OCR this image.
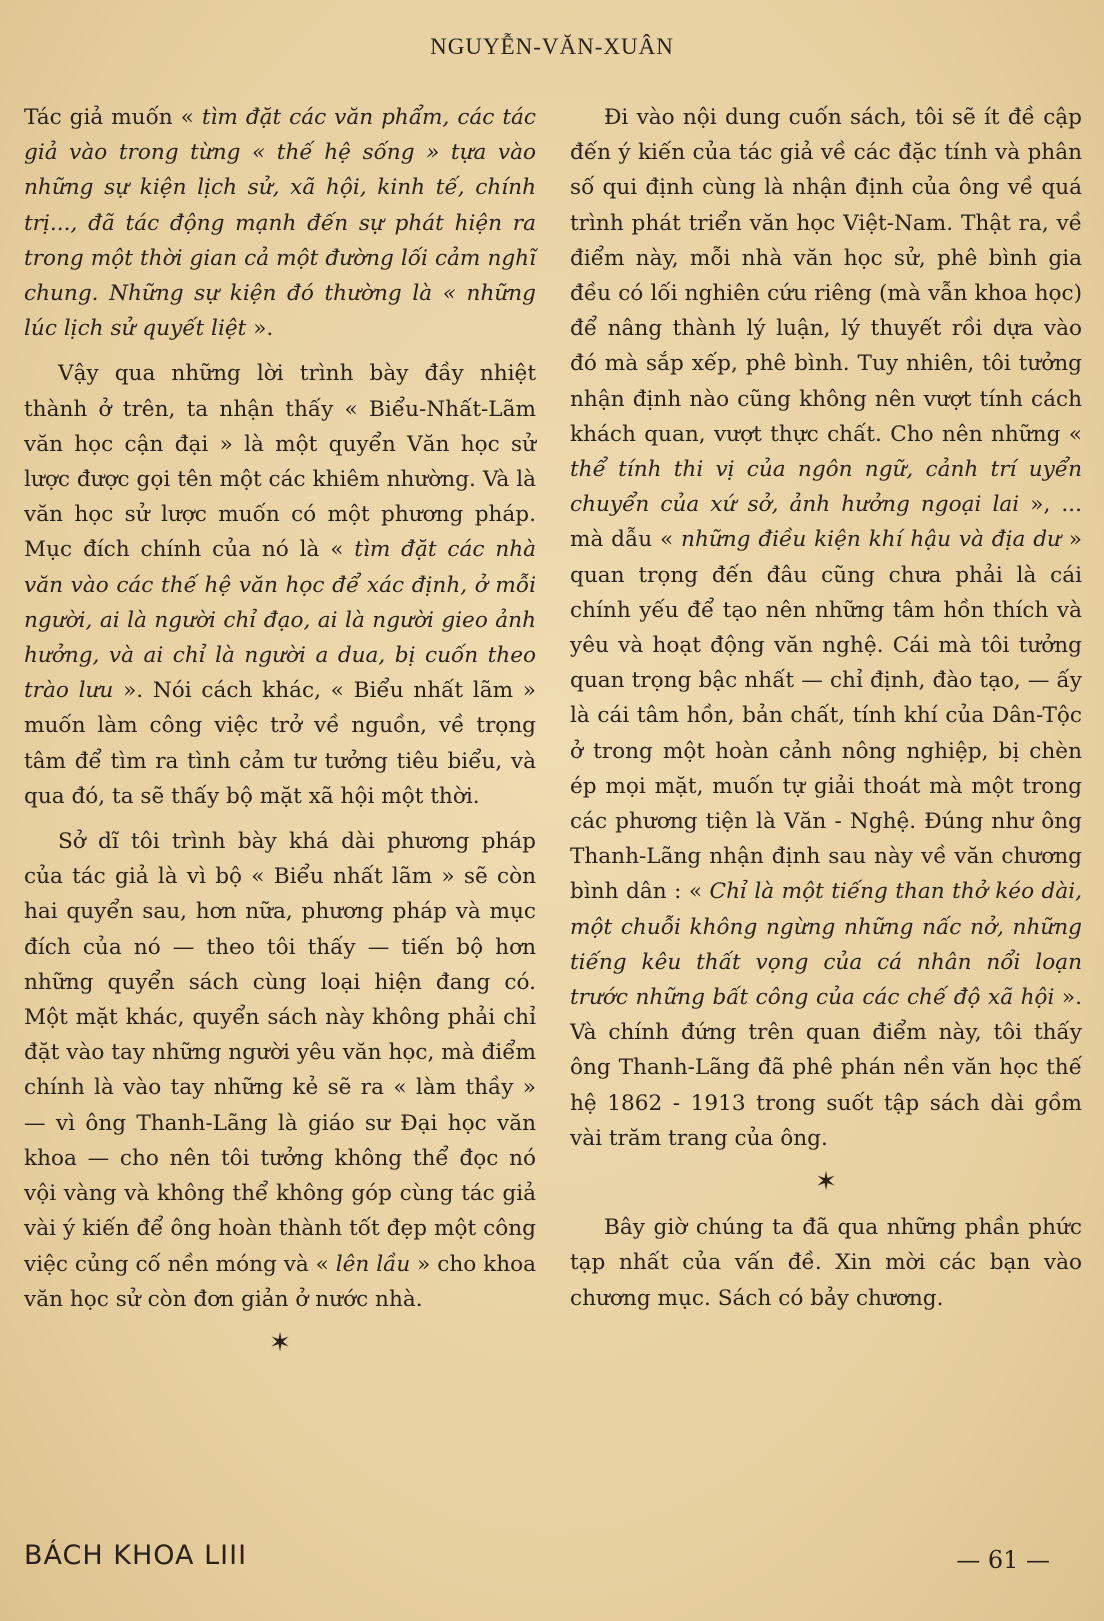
NGUYỄN-VĂN-XUÂN

Tác giả muốn « tìm đặt các văn phẩm, các tác giả vào trong từng « thế hệ sống » tựa vào những sự kiện lịch sử, xã hội, kinh tế, chính trị..., đã tác động mạnh đến sự phát hiện ra trong một thời gian cả một đường lối cảm nghĩ chung. Những sự kiện đó thường là « những lúc lịch sử quyết liệt ».

Vậy qua những lời trình bày đầy nhiệt thành ở trên, ta nhận thấy « Biểu-Nhất-Lãm văn học cận đại » là một quyển Văn học sử lược được gọi tên một các khiêm nhường. Và là văn học sử lược muốn có một phương pháp. Mục đích chính của nó là « tìm đặt các nhà văn vào các thế hệ văn học để xác định, ở mỗi người, ai là người chỉ đạo, ai là người gieo ảnh hưởng, và ai chỉ là người a dua, bị cuốn theo trào lưu ». Nói cách khác, « Biểu nhất lãm » muốn làm công việc trở về nguồn, về trọng tâm để tìm ra tình cảm tư tưởng tiêu biểu, và qua đó, ta sẽ thấy bộ mặt xã hội một thời.

Sở dĩ tôi trình bày khá dài phương pháp của tác giả là vì bộ « Biểu nhất lãm » sẽ còn hai quyển sau, hơn nữa, phương pháp và mục đích của nó — theo tôi thấy — tiến bộ hơn những quyển sách cùng loại hiện đang có. Một mặt khác, quyển sách này không phải chỉ đặt vào tay những người yêu văn học, mà điểm chính là vào tay những kẻ sẽ ra « làm thầy » — vì ông Thanh-Lãng là giáo sư Đại học văn khoa — cho nên tôi tưởng không thể đọc nó vội vàng và không thể không góp cùng tác giả vài ý kiến để ông hoàn thành tốt đẹp một công việc củng cố nền móng và « lên lầu » cho khoa văn học sử còn đơn giản ở nước nhà.

✶

Đi vào nội dung cuốn sách, tôi sẽ ít đề cập đến ý kiến của tác giả về các đặc tính và phân số qui định cùng là nhận định của ông về quá trình phát triển văn học Việt-Nam. Thật ra, về điểm này, mỗi nhà văn học sử, phê bình gia đều có lối nghiên cứu riêng (mà vẫn khoa học) để nâng thành lý luận, lý thuyết rồi dựa vào đó mà sắp xếp, phê bình. Tuy nhiên, tôi tưởng nhận định nào cũng không nên vượt tính cách khách quan, vượt thực chất. Cho nên những « thể tính thi vị của ngôn ngữ, cảnh trí uyển chuyển của xứ sở, ảnh hưởng ngoại lai », ... mà dẫu « những điều kiện khí hậu và địa dư » quan trọng đến đâu cũng chưa phải là cái chính yếu để tạo nên những tâm hồn thích và yêu và hoạt động văn nghệ. Cái mà tôi tưởng quan trọng bậc nhất — chỉ định, đào tạo, — ấy là cái tâm hồn, bản chất, tính khí của Dân-Tộc ở trong một hoàn cảnh nông nghiệp, bị chèn ép mọi mặt, muốn tự giải thoát mà một trong các phương tiện là Văn - Nghệ. Đúng như ông Thanh-Lãng nhận định sau này về văn chương bình dân : « Chỉ là một tiếng than thở kéo dài, một chuỗi không ngừng những nấc nở, những tiếng kêu thất vọng của cá nhân nổi loạn trước những bất công của các chế độ xã hội ». Và chính đứng trên quan điểm này, tôi thấy ông Thanh-Lãng đã phê phán nền văn học thế hệ 1862 - 1913 trong suốt tập sách dài gồm vài trăm trang của ông.

✶

Bây giờ chúng ta đã qua những phần phức tạp nhất của vấn đề. Xin mời các bạn vào chương mục. Sách có bảy chương.

BÁCH KHOA LIII	— 61 —
